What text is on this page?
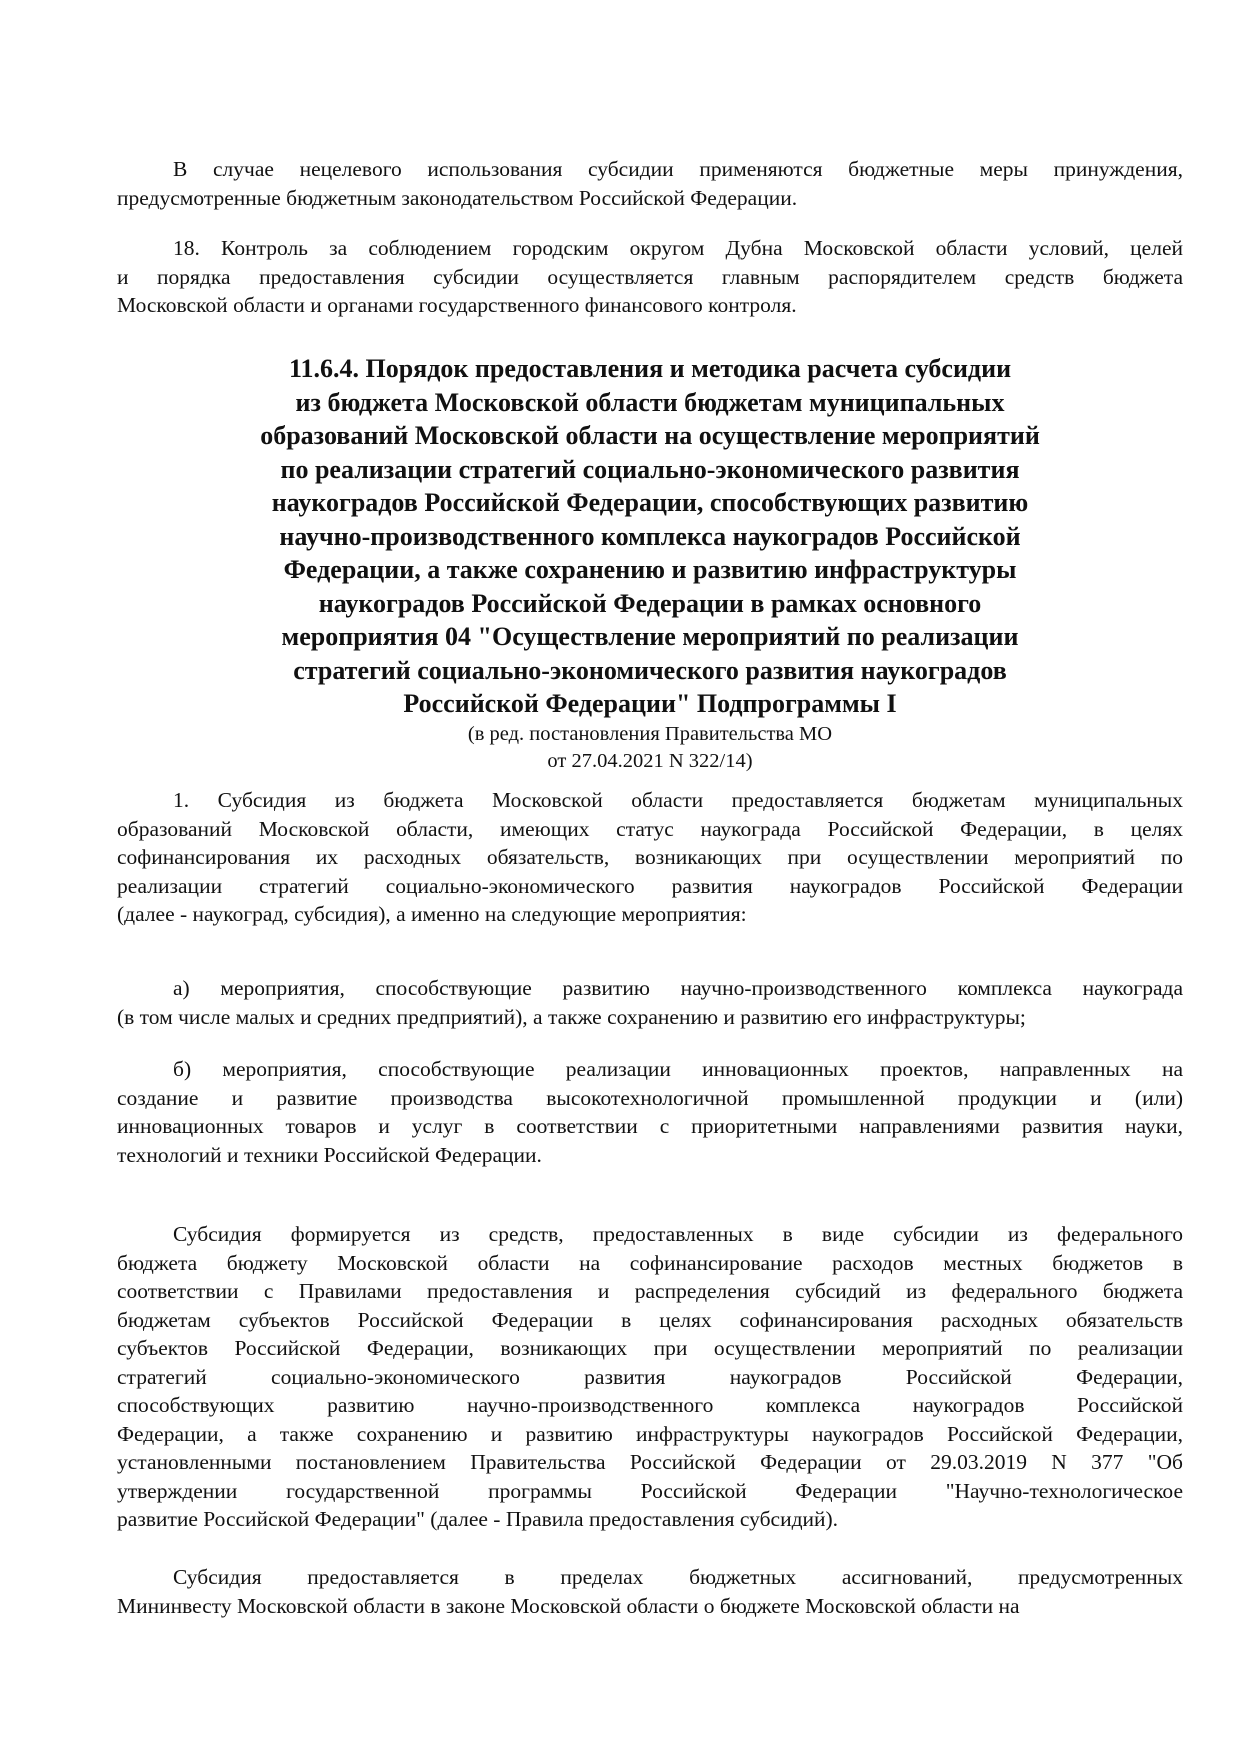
В случае нецелевого использования субсидии применяются бюджетные меры принуждения,
предусмотренные бюджетным законодательством Российской Федерации.
18. Контроль за соблюдением городским округом Дубна Московской области условий, целей
и порядка предоставления субсидии осуществляется главным распорядителем средств бюджета
Московской области и органами государственного финансового контроля.
11.6.4. Порядок предоставления и методика расчета субсидии
из бюджета Московской области бюджетам муниципальных
образований Московской области на осуществление мероприятий
по реализации стратегий социально-экономического развития
наукоградов Российской Федерации, способствующих развитию
научно-производственного комплекса наукоградов Российской
Федерации, а также сохранению и развитию инфраструктуры
наукоградов Российской Федерации в рамках основного
мероприятия 04 "Осуществление мероприятий по реализации
стратегий социально-экономического развития наукоградов
Российской Федерации" Подпрограммы I
(в ред. постановления Правительства МО
от 27.04.2021 N 322/14)
1. Субсидия из бюджета Московской области предоставляется бюджетам муниципальных
образований Московской области, имеющих статус наукограда Российской Федерации, в целях
софинансирования их расходных обязательств, возникающих при осуществлении мероприятий по
реализации стратегий социально-экономического развития наукоградов Российской Федерации
(далее - наукоград, субсидия), а именно на следующие мероприятия:
а) мероприятия, способствующие развитию научно-производственного комплекса наукограда
(в том числе малых и средних предприятий), а также сохранению и развитию его инфраструктуры;
б) мероприятия, способствующие реализации инновационных проектов, направленных на
создание и развитие производства высокотехнологичной промышленной продукции и (или)
инновационных товаров и услуг в соответствии с приоритетными направлениями развития науки,
технологий и техники Российской Федерации.
Субсидия формируется из средств, предоставленных в виде субсидии из федерального
бюджета бюджету Московской области на софинансирование расходов местных бюджетов в
соответствии с Правилами предоставления и распределения субсидий из федерального бюджета
бюджетам субъектов Российской Федерации в целях софинансирования расходных обязательств
субъектов Российской Федерации, возникающих при осуществлении мероприятий по реализации
стратегий социально-экономического развития наукоградов Российской Федерации,
способствующих развитию научно-производственного комплекса наукоградов Российской
Федерации, а также сохранению и развитию инфраструктуры наукоградов Российской Федерации,
установленными постановлением Правительства Российской Федерации от 29.03.2019 N 377 "Об
утверждении государственной программы Российской Федерации "Научно-технологическое
развитие Российской Федерации" (далее - Правила предоставления субсидий).
Субсидия предоставляется в пределах бюджетных ассигнований, предусмотренных
Мининвесту Московской области в законе Московской области о бюджете Московской области на
